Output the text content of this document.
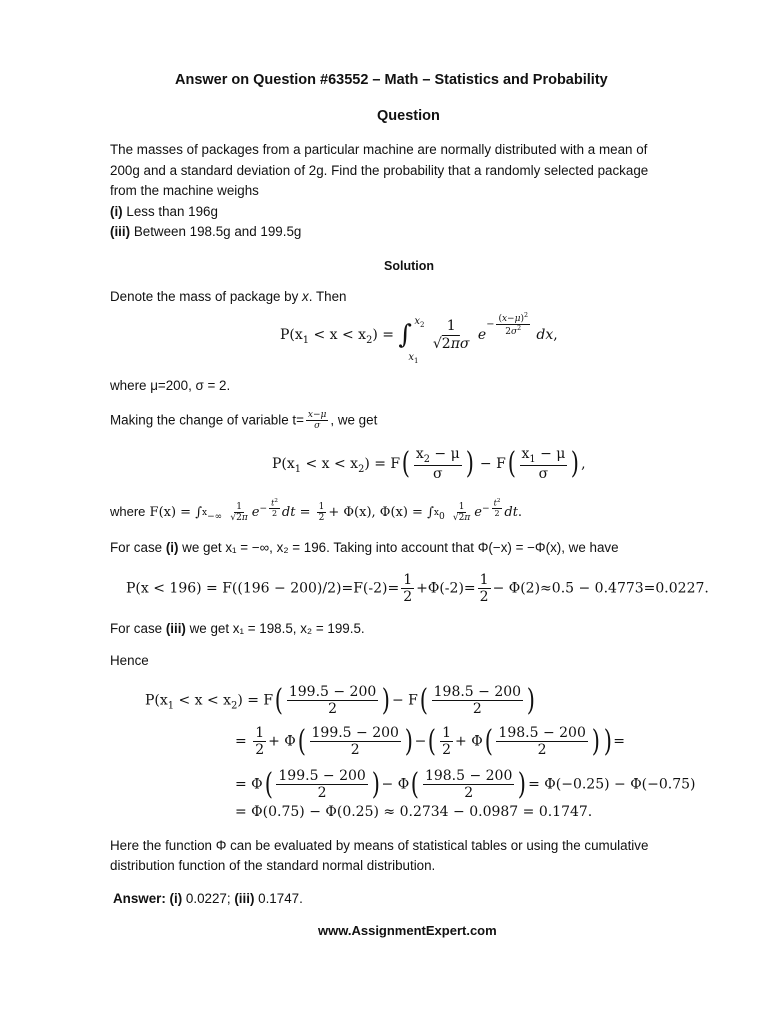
Answer on Question #63552 – Math – Statistics and Probability
Question
The masses of packages from a particular machine are normally distributed with a mean of
200g and a standard deviation of 2g. Find the probability that a randomly selected package
from the machine weighs
(i) Less than 196g
(iii) Between 198.5g and 199.5g
Solution
Denote the mass of package by x. Then
$P(x_1 < x < x_2)$ = ∫ $x_2$
$x_1$

$\frac{1}{√2\pi\sigma} e^{- \frac{(x-\mu)^2}{2\sigma^2}}$ dx,
where μ=200, σ = 2.
Making the change of variable $t= \frac{x-\mu}{\sigma}$ , we get
$P(x_1 < x < x_2) = F( \frac{x_2 - \mu}{\sigma}$ ) − $F( \frac{x_1 - \mu}{\sigma}$ ) ,
where $F(x) = \int_{^x-\infty} \frac{1}{√2\pi} e^{- \frac{t^2}{2}}$ dt = $\frac{1}{2} + \Phi(x)$, $\Phi(x) = \int_{^x0} \frac{1}{√2\pi} e^{- \frac{t^2}{2}}$ dt.
For case (i) we get x₁ = −∞, x₂ = 196. Taking into account that Φ(−x) = −Φ(x), we have
$P(x < 196) = F((196 - 200)/2)=F(-2)= \frac{1}{2} +\Phi(-2)= \frac{1}{2} - \Phi(2)\approx 0.5 - 0.4773=0.0227$.
For case (iii) we get x₁ = 198.5, x₂ = 199.5.
Hence
$P(x_1 < x < x_2) = F( \frac{199.5 - 200}{2}$ ) − $F( \frac{198.5 - 200}{2}$ )
= $\frac{1}{2} + \Phi( \frac{199.5 - 200}{2}$ ) −( $\frac{1}{2} + \Phi( \frac{198.5 - 200}{2}$ ) ) =
= $\Phi( \frac{199.5 - 200}{2}$ ) − $\Phi( \frac{198.5 - 200}{2}$ ) = Φ(−0.25) − Φ(−0.75)
= Φ(0.75) − Φ(0.25) ≈ 0.2734 − 0.0987 = 0.1747.
Here the function Φ can be evaluated by means of statistical tables or using the cumulative
distribution function of the standard normal distribution.
Answer: (i) 0.0227; (iii) 0.1747.
www.AssignmentExpert.com
